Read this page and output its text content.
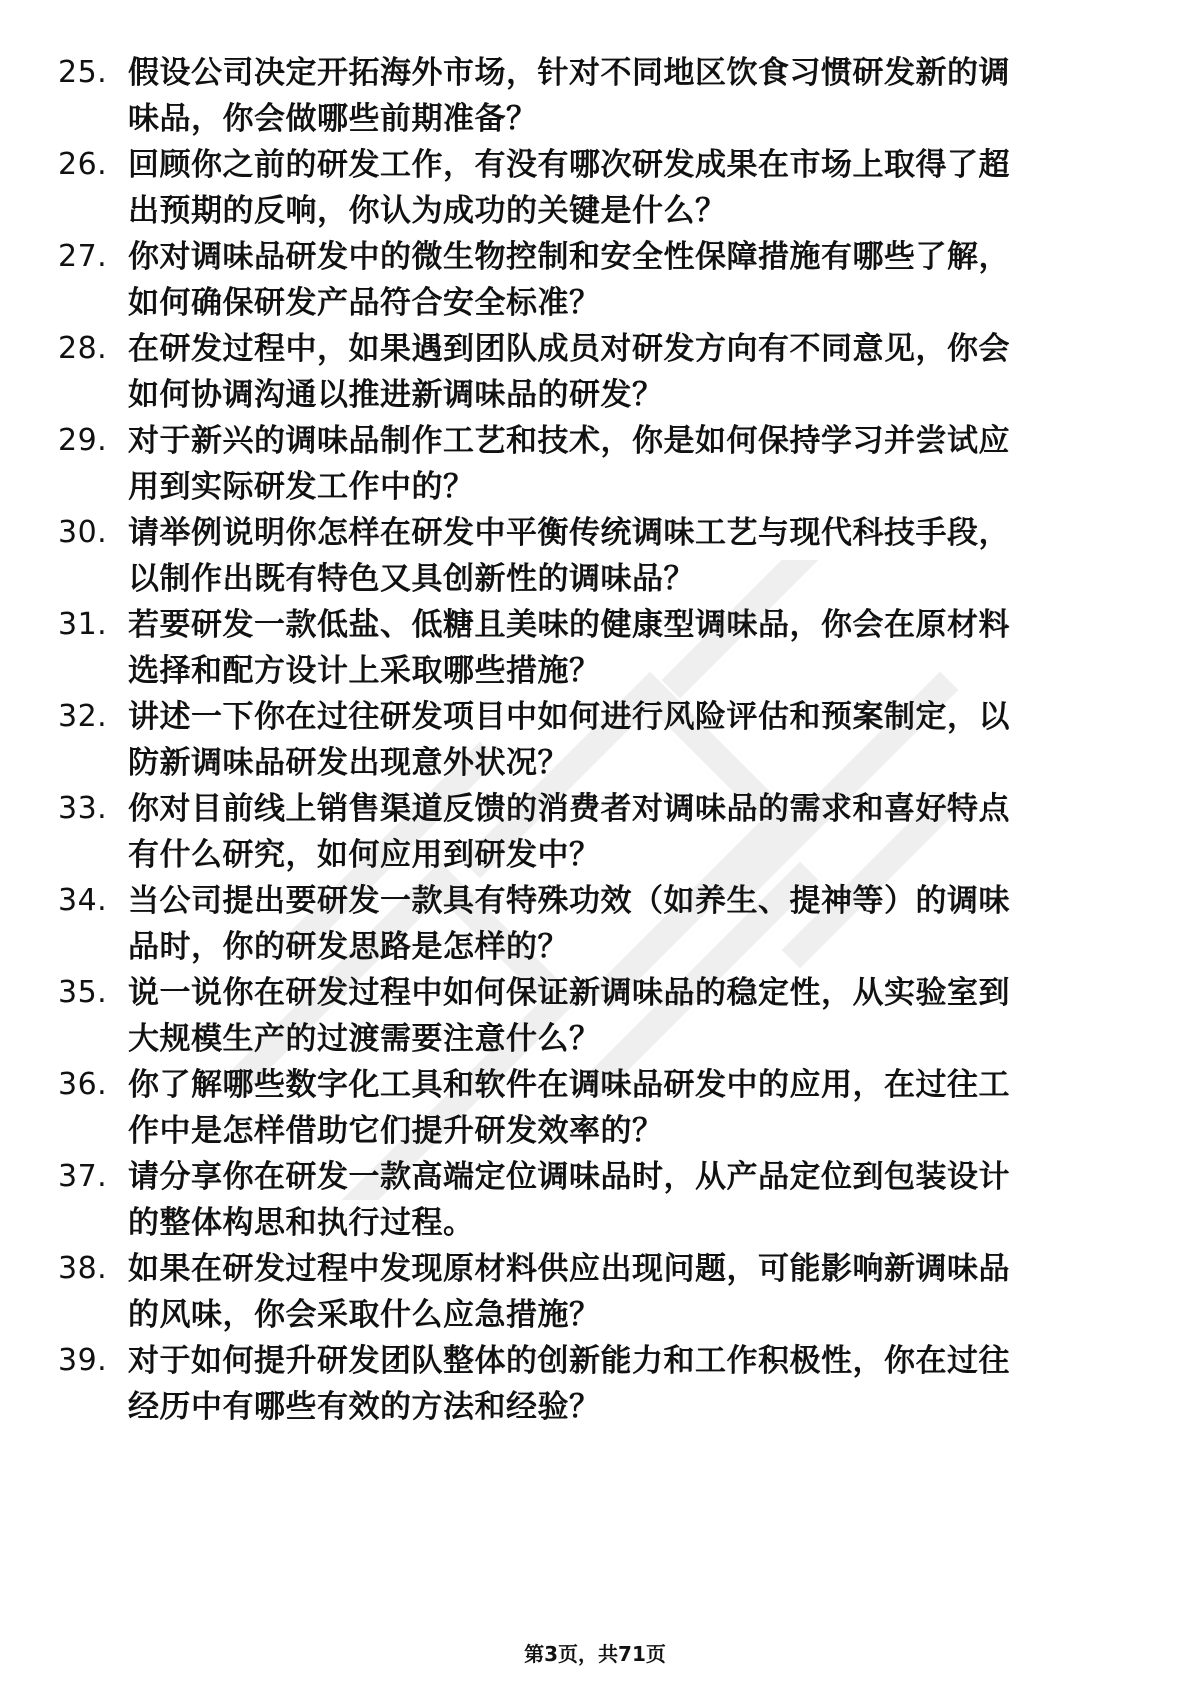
25. 假设公司决定开拓海外市场，针对不同地区饮食习惯研发新的调
味品，你会做哪些前期准备？
26. 回顾你之前的研发工作，有没有哪次研发成果在市场上取得了超
出预期的反响，你认为成功的关键是什么？
27. 你对调味品研发中的微生物控制和安全性保障措施有哪些了解，
如何确保研发产品符合安全标准？
28. 在研发过程中，如果遇到团队成员对研发方向有不同意见，你会
如何协调沟通以推进新调味品的研发？
29. 对于新兴的调味品制作工艺和技术，你是如何保持学习并尝试应
用到实际研发工作中的？
30. 请举例说明你怎样在研发中平衡传统调味工艺与现代科技手段，
以制作出既有特色又具创新性的调味品？
31. 若要研发一款低盐、低糖且美味的健康型调味品，你会在原材料
选择和配方设计上采取哪些措施？
32. 讲述一下你在过往研发项目中如何进行风险评估和预案制定，以
防新调味品研发出现意外状况？
33. 你对目前线上销售渠道反馈的消费者对调味品的需求和喜好特点
有什么研究，如何应用到研发中？
34. 当公司提出要研发一款具有特殊功效（如养生、提神等）的调味
品时，你的研发思路是怎样的？
35. 说一说你在研发过程中如何保证新调味品的稳定性，从实验室到
大规模生产的过渡需要注意什么？
36. 你了解哪些数字化工具和软件在调味品研发中的应用，在过往工
作中是怎样借助它们提升研发效率的？
37. 请分享你在研发一款高端定位调味品时，从产品定位到包装设计
的整体构思和执行过程。
38. 如果在研发过程中发现原材料供应出现问题，可能影响新调味品
的风味，你会采取什么应急措施？
39. 对于如何提升研发团队整体的创新能力和工作积极性，你在过往
经历中有哪些有效的方法和经验？
第3页，共71页
